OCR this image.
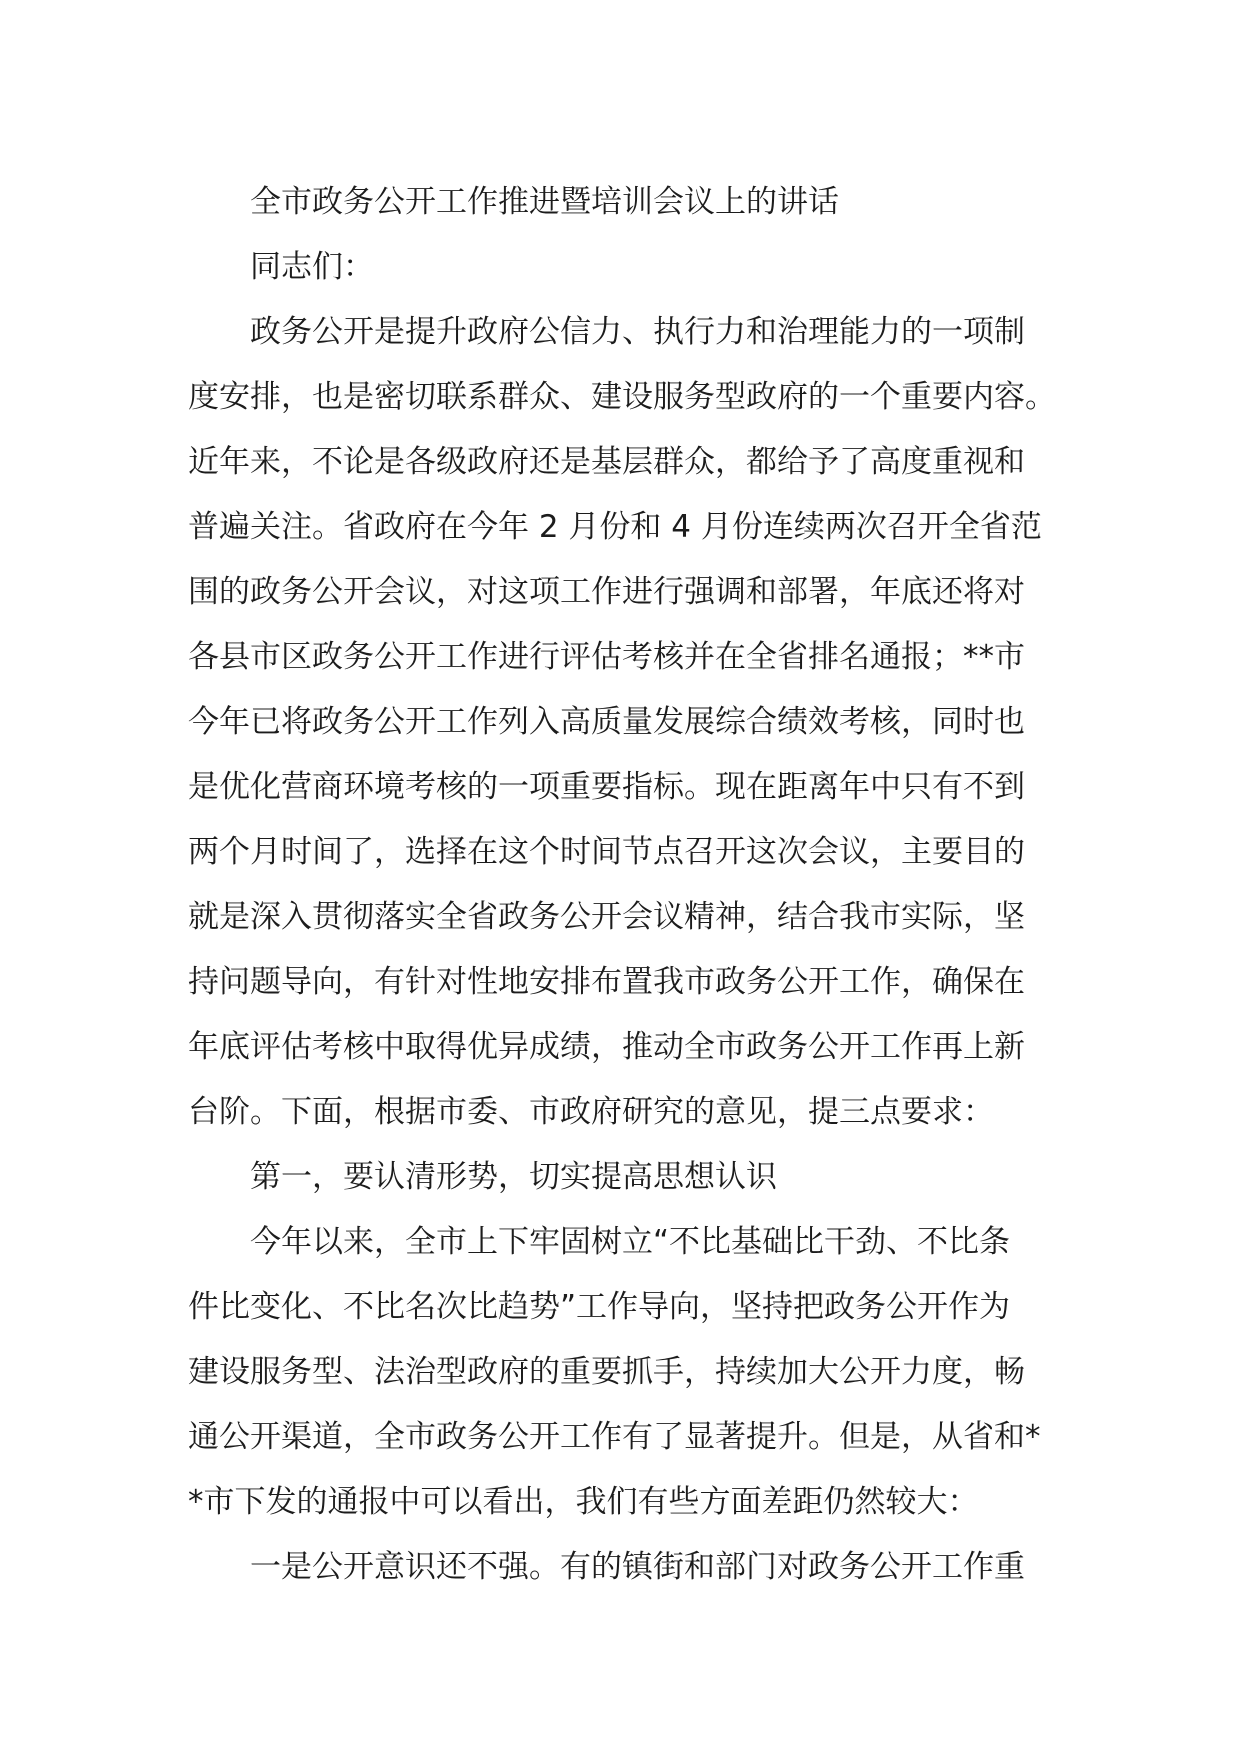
全市政务公开工作推进暨培训会议上的讲话
同志们：
政务公开是提升政府公信力、执行力和治理能力的一项制
度安排，也是密切联系群众、建设服务型政府的一个重要内容。
近年来，不论是各级政府还是基层群众，都给予了高度重视和
普遍关注。省政府在今年 2 月份和 4 月份连续两次召开全省范
围的政务公开会议，对这项工作进行强调和部署，年底还将对
各县市区政务公开工作进行评估考核并在全省排名通报；**市
今年已将政务公开工作列入高质量发展综合绩效考核，同时也
是优化营商环境考核的一项重要指标。现在距离年中只有不到
两个月时间了，选择在这个时间节点召开这次会议，主要目的
就是深入贯彻落实全省政务公开会议精神，结合我市实际，坚
持问题导向，有针对性地安排布置我市政务公开工作，确保在
年底评估考核中取得优异成绩，推动全市政务公开工作再上新
台阶。下面，根据市委、市政府研究的意见，提三点要求：
第一，要认清形势，切实提高思想认识
今年以来，全市上下牢固树立“不比基础比干劲、不比条
件比变化、不比名次比趋势”工作导向，坚持把政务公开作为
建设服务型、法治型政府的重要抓手，持续加大公开力度，畅
通公开渠道，全市政务公开工作有了显著提升。但是，从省和*
*市下发的通报中可以看出，我们有些方面差距仍然较大：
一是公开意识还不强。有的镇街和部门对政务公开工作重
